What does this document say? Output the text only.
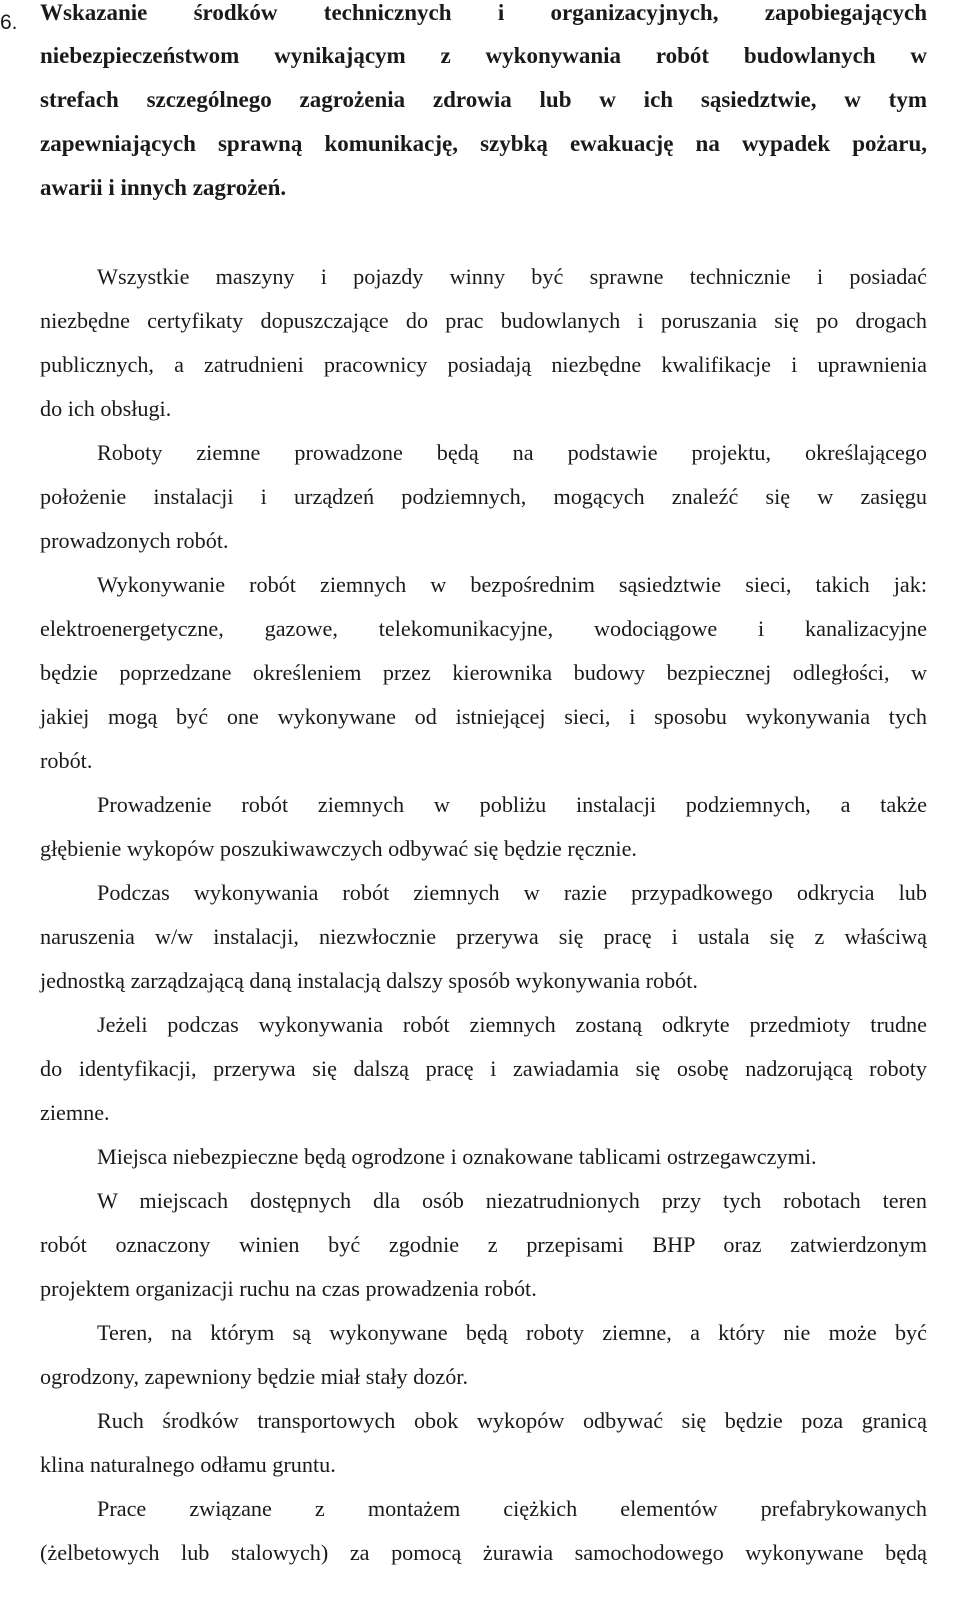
6. Wskazanie środków technicznych i organizacyjnych, zapobiegających
niebezpieczeństwom wynikającym z wykonywania robót budowlanych w
strefach szczególnego zagrożenia zdrowia lub w ich sąsiedztwie, w tym
zapewniających sprawną komunikację, szybką ewakuację na wypadek pożaru,
awarii i innych zagrożeń.
Wszystkie maszyny i pojazdy winny być sprawne technicznie i posiadać
niezbędne certyfikaty dopuszczające do prac budowlanych i poruszania się po drogach
publicznych, a zatrudnieni pracownicy posiadają niezbędne kwalifikacje i uprawnienia
do ich obsługi.
Roboty ziemne prowadzone będą na podstawie projektu, określającego
położenie instalacji i urządzeń podziemnych, mogących znaleźć się w zasięgu
prowadzonych robót.
Wykonywanie robót ziemnych w bezpośrednim sąsiedztwie sieci, takich jak:
elektroenergetyczne, gazowe, telekomunikacyjne, wodociągowe i kanalizacyjne
będzie poprzedzane określeniem przez kierownika budowy bezpiecznej odległości, w
jakiej mogą być one wykonywane od istniejącej sieci, i sposobu wykonywania tych
robót.
Prowadzenie robót ziemnych w pobliżu instalacji podziemnych, a także
głębienie wykopów poszukiwawczych odbywać się będzie ręcznie.
Podczas wykonywania robót ziemnych w razie przypadkowego odkrycia lub
naruszenia w/w instalacji, niezwłocznie przerywa się pracę i ustala się z właściwą
jednostką zarządzającą daną instalacją dalszy sposób wykonywania robót.
Jeżeli podczas wykonywania robót ziemnych zostaną odkryte przedmioty trudne
do identyfikacji, przerywa się dalszą pracę i zawiadamia się osobę nadzorującą roboty
ziemne.
Miejsca niebezpieczne będą ogrodzone i oznakowane tablicami ostrzegawczymi.
W miejscach dostępnych dla osób niezatrudnionych przy tych robotach teren
robót oznaczony winien być zgodnie z przepisami BHP oraz zatwierdzonym
projektem organizacji ruchu na czas prowadzenia robót.
Teren, na którym są wykonywane będą roboty ziemne, a który nie może być
ogrodzony, zapewniony będzie miał stały dozór.
Ruch środków transportowych obok wykopów odbywać się będzie poza granicą
klina naturalnego odłamu gruntu.
Prace związane z montażem ciężkich elementów prefabrykowanych
(żelbetowych lub stalowych) za pomocą żurawia samochodowego wykonywane będą
